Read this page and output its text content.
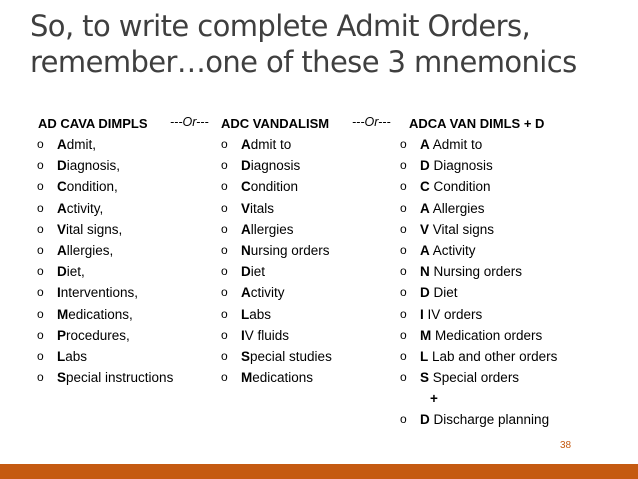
So, to write complete Admit Orders, remember…one of these 3 mnemonics
AD CAVA DIMPLS
o A dmit,
o D iagnosis,
o C ondition,
o A ctivity,
o V ital signs,
o A llergies,
o D iet,
o I nterventions,
o M edications,
o P rocedures,
o L abs
o S pecial instructions
---Or--- ADC VANDALISM
o A dmit to
o D iagnosis
o C ondition
o V itals
o A llergies
o N ursing orders
o D iet
o A ctivity
o L abs
o I V fluids
o S pecial studies
o M edications
---Or--- ADCA VAN DIMLS + D
o A Admit to
o D Diagnosis
o C Condition
o A Allergies
o V Vital signs
o A Activity
o N Nursing orders
o D Diet
o I IV orders
o M Medication orders
o L Lab and other orders
o S Special orders
+
o D Discharge planning
38
